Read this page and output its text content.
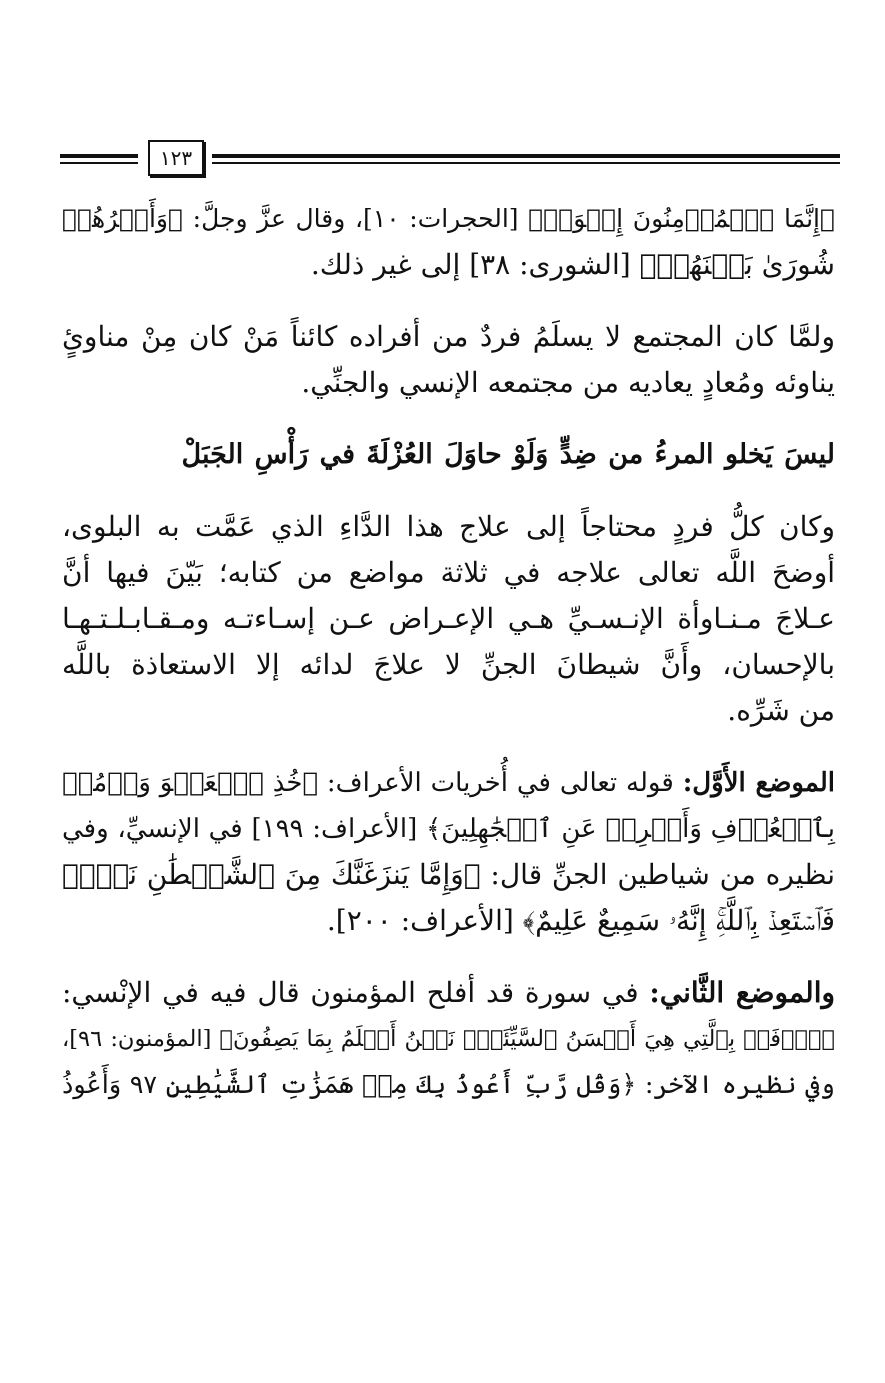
١٢٣
﴿إِنَّمَا ٱلۡمُؤۡمِنُونَ إِخۡوَةٞ﴾ [الحجرات: ١٠]، وقال عزَّ وجلَّ: ﴿وَأَمۡرُهُمۡ
شُورَىٰ بَيۡنَهُمۡ﴾ [الشورى: ٣٨] إلى غير ذلك.
ولمَّا كان المجتمع لا يسلَمُ فردٌ من أفراده كائناً مَنْ كان مِنْ مناوئٍ
يناوئه ومُعادٍ يعاديه من مجتمعه الإنسي والجنِّي.
ليسَ يَخلو المرءُ من ضِدٍّ وَلَوْ حاوَلَ العُزْلَةَ في رَأْسِ الجَبَلْ
وكان كلُّ فردٍ محتاجاً إلى علاج هذا الدَّاءِ الذي عَمَّت به البلوى،
أوضحَ اللَّه تعالى علاجه في ثلاثة مواضع من كتابه؛ بَيّنَ فيها أنَّ
عـلاجَ مـنـاوأة الإنـسـيِّ هـي الإعـراض عـن إسـاءتـه ومـقـابـلـتـهـا
بالإحسان، وأَنَّ شيطانَ الجنِّ لا علاجَ لدائه إلا الاستعاذة باللَّه
من شَرِّه.
الموضع الأَوَّل: قوله تعالى في أُخريات الأعراف: ﴿خُذِ ٱلۡعَفۡوَ وَأۡمُرۡ
بِٱلۡعُرۡفِ وَأَعۡرِضۡ عَنِ ٱلۡجَٰهِلِينَ﴾ [الأعراف: ١٩٩] في الإنسيِّ، وفي
نظيره من شياطين الجنِّ قال: ﴿وَإِمَّا يَنزَغَنَّكَ مِنَ ٱلشَّيۡطَٰنِ نَزۡغٞ
فَٱسۡتَعِذۡ بِٱللَّهِۚ إِنَّهُۥ سَمِيعٌ عَلِيمٌ﴾ [الأعراف: ٢٠٠].
والموضع الثَّاني: في سورة قد أفلح المؤمنون قال فيه في الإنْسي:
﴿ٱدۡفَعۡ بِٱلَّتِي هِيَ أَحۡسَنُ ٱلسَّيِّئَةَۚ نَحۡنُ أَعۡلَمُ بِمَا يَصِفُونَ﴾ [المؤمنون: ٩٦]،
وفي نظيره الآخر: ﴿وَقُل رَّبِّ أَعُوذُ بِكَ مِنۡ هَمَزَٰتِ ٱلشَّيَٰطِينِ ٩٧ وَأَعُوذُ
